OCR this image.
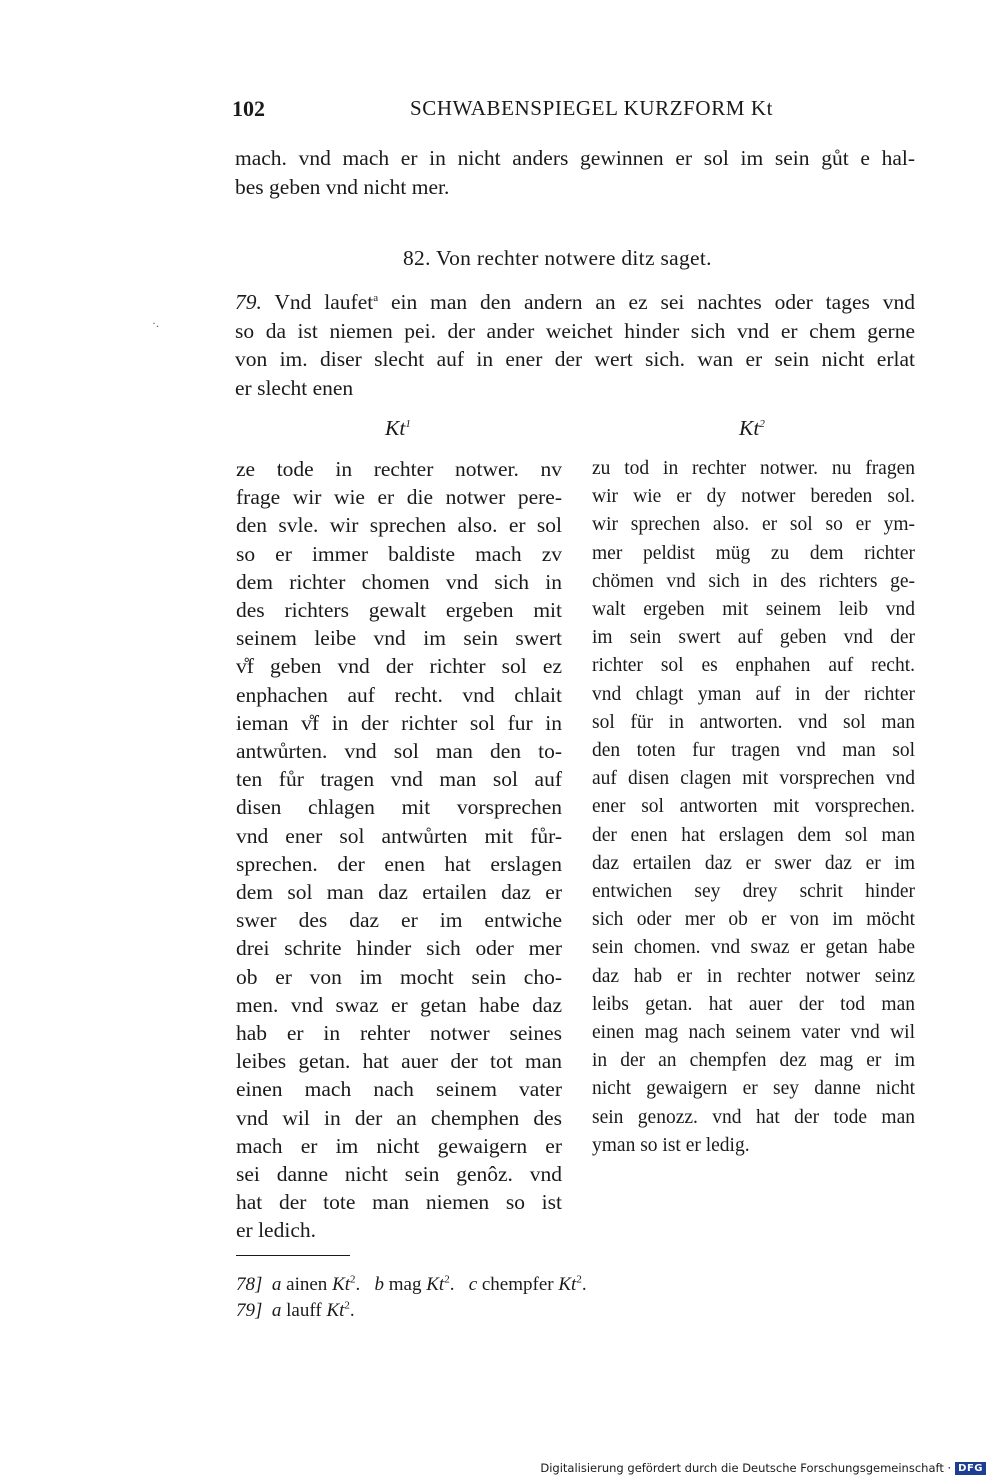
102	SCHWABENSPIEGEL KURZFORM Kt
mach. vnd mach er in nicht anders gewinnen er sol im sein gůt e hal-
bes geben vnd nicht mer.
82. Von rechter notwere ditz saget.
·.
79. Vnd laufet$^a$ ein man den andern an ez sei nachtes oder tages vnd
so da ist niemen pei. der ander weichet hinder sich vnd er chem gerne
von im. diser slecht auf in ener der wert sich. wan er sein nicht erlat
er slecht enen
Kt$^1$	Kt$^2$
ze tode in rechter notwer. nv
frage wir wie er die notwer pere-
den svle. wir sprechen also. er sol
so er immer baldiste mach zv
dem richter chomen vnd sich in
des richters gewalt ergeben mit
seinem leibe vnd im sein swert
v̊f geben vnd der richter sol ez
enphachen auf recht. vnd chlait
ieman v̊f in der richter sol fur in
antwůrten. vnd sol man den to-
ten fůr tragen vnd man sol auf
disen chlagen mit vorsprechen
vnd ener sol antwůrten mit fůr-
sprechen. der enen hat erslagen
dem sol man daz ertailen daz er
swer des daz er im entwiche
drei schrite hinder sich oder mer
ob er von im mocht sein cho-
men. vnd swaz er getan habe daz
hab er in rehter notwer seines
leibes getan. hat auer der tot man
einen mach nach seinem vater
vnd wil in der an chemphen des
mach er im nicht gewaigern er
sei danne nicht sein genôz. vnd
hat der tote man niemen so ist
er ledich.
zu tod in rechter notwer. nu fragen
wir wie er dy notwer bereden sol.
wir sprechen also. er sol so er ym-
mer peldist müg zu dem richter
chömen vnd sich in des richters ge-
walt ergeben mit seinem leib vnd
im sein swert auf geben vnd der
richter sol es enphahen auf recht.
vnd chlagt yman auf in der richter
sol für in antworten. vnd sol man
den toten fur tragen vnd man sol
auf disen clagen mit vorsprechen vnd
ener sol antworten mit vorsprechen.
der enen hat erslagen dem sol man
daz ertailen daz er swer daz er im
entwichen sey drey schrit hinder
sich oder mer ob er von im möcht
sein chomen. vnd swaz er getan habe
daz hab er in rechter notwer seinz
leibs getan. hat auer der tod man
einen mag nach seinem vater vnd wil
in der an chempfen dez mag er im
nicht gewaigern er sey danne nicht
sein genozz. vnd hat der tode man
yman so ist er ledig.
78] a ainen Kt$^2$.   b mag Kt$^2$.   c chempfer Kt$^2$.
79] a lauff Kt$^2$.
Digitalisierung gefördert durch die Deutsche Forschungsgemeinschaft · DFG
